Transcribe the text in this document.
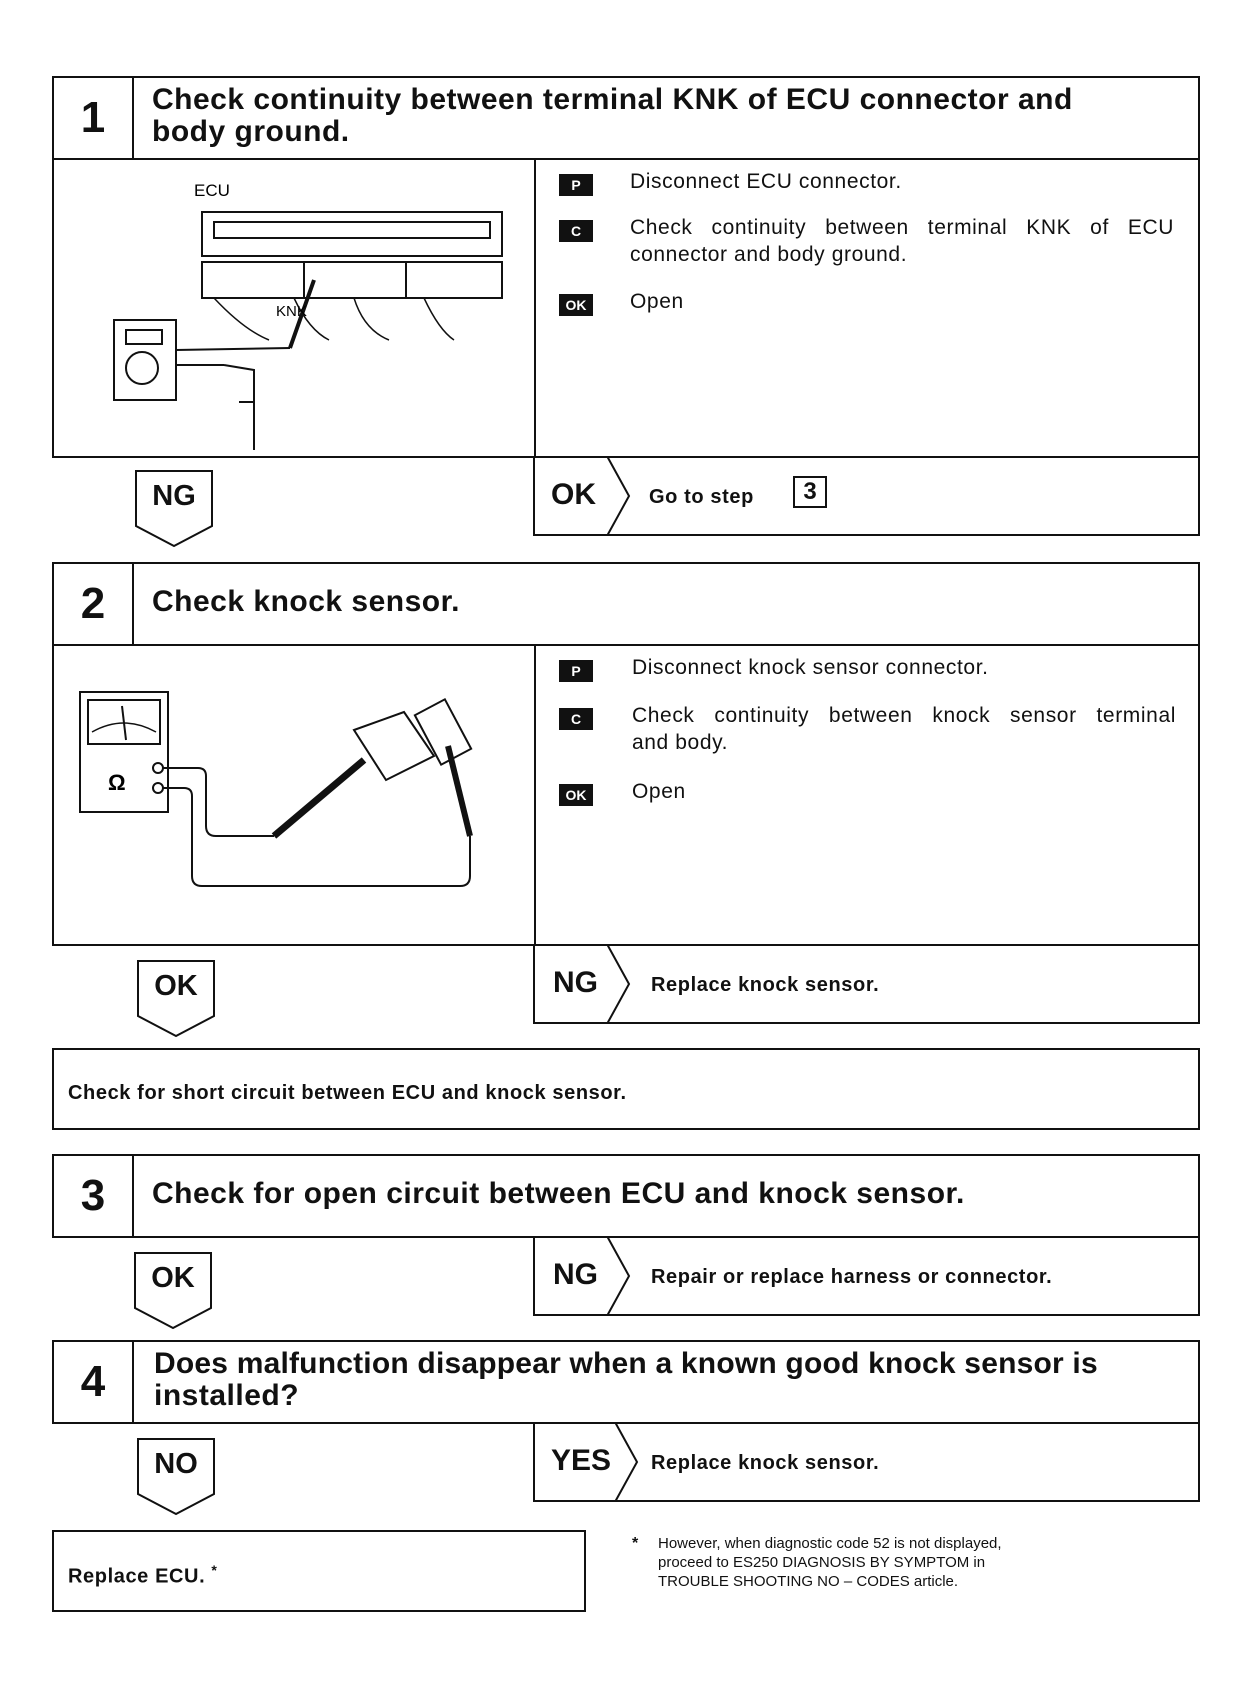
1	Check continuity between terminal KNK of ECU connector and
body ground.
ECU
KNK
P	Disconnect ECU connector.
C	Check continuity between terminal KNK of ECU
connector and body ground.
OK	Open
NG	OK	Go to step 3
2	Check knock sensor.
Ω
P	Disconnect knock sensor connector.
C	Check continuity between knock sensor terminal
and body.
OK	Open
OK	NG	Replace knock sensor.
Check for short circuit between ECU and knock sensor.
3	Check for open circuit between ECU and knock sensor.
OK	NG	Repair or replace harness or connector.
4	Does malfunction disappear when a known good knock sensor is
installed?
NO	YES Replace knock sensor.
Replace ECU. *
* However, when diagnostic code 52 is not displayed,
proceed to ES250 DIAGNOSIS BY SYMPTOM in
TROUBLE SHOOTING NO – CODES article.
